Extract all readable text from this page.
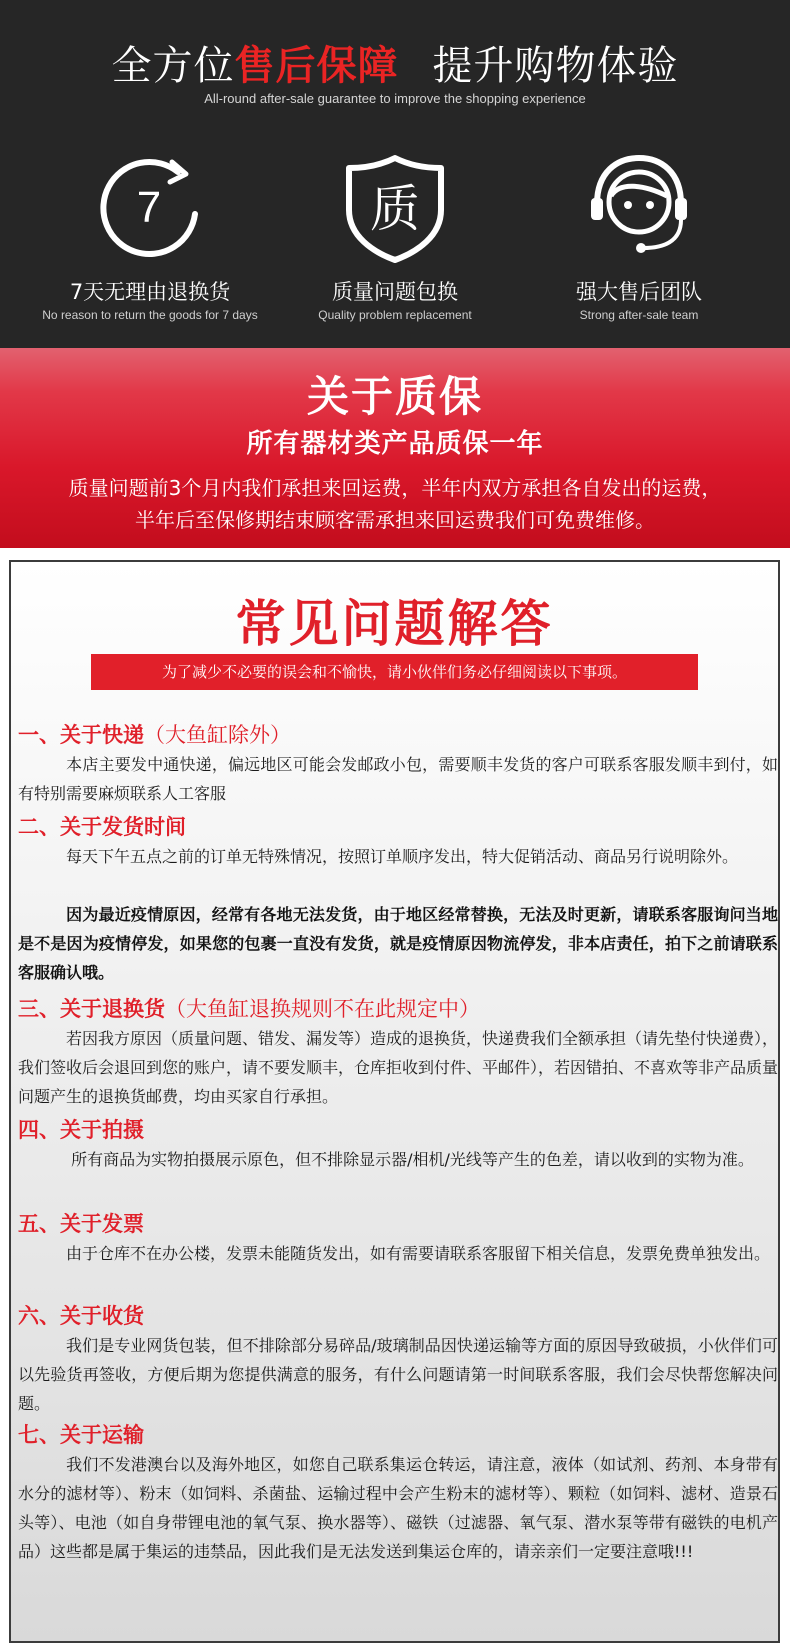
全方位售后保障 提升购物体验
All-round after-sale guarantee to improve the shopping experience
7
7天无理由退换货
No reason to return the goods for 7 days
质
质量问题包换
Quality problem replacement
强大售后团队
Strong after-sale team
关于质保
所有器材类产品质保一年
质量问题前3个月内我们承担来回运费，半年内双方承担各自发出的运费，
半年后至保修期结束顾客需承担来回运费我们可免费维修。
常见问题解答
为了减少不必要的误会和不愉快，请小伙伴们务必仔细阅读以下事项。
一、关于快递（大鱼缸除外）
本店主要发中通快递，偏远地区可能会发邮政小包，需要顺丰发货的客户可联系客服发顺丰到付，如有特别需要麻烦联系人工客服
二、关于发货时间
每天下午五点之前的订单无特殊情况，按照订单顺序发出，特大促销活动、商品另行说明除外。
因为最近疫情原因，经常有各地无法发货，由于地区经常替换，无法及时更新，请联系客服询问当地是不是因为疫情停发，如果您的包裹一直没有发货，就是疫情原因物流停发，非本店责任，拍下之前请联系客服确认哦。
三、关于退换货（大鱼缸退换规则不在此规定中）
若因我方原因（质量问题、错发、漏发等）造成的退换货，快递费我们全额承担（请先垫付快递费），我们签收后会退回到您的账户，请不要发顺丰，仓库拒收到付件、平邮件），若因错拍、不喜欢等非产品质量问题产生的退换货邮费，均由买家自行承担。
四、关于拍摄
所有商品为实物拍摄展示原色，但不排除显示器/相机/光线等产生的色差，请以收到的实物为准。
五、关于发票
由于仓库不在办公楼，发票未能随货发出，如有需要请联系客服留下相关信息，发票免费单独发出。
六、关于收货
我们是专业网货包装，但不排除部分易碎品/玻璃制品因快递运输等方面的原因导致破损，小伙伴们可以先验货再签收，方便后期为您提供满意的服务，有什么问题请第一时间联系客服，我们会尽快帮您解决问题。
七、关于运输
我们不发港澳台以及海外地区，如您自己联系集运仓转运，请注意，液体（如试剂、药剂、本身带有水分的滤材等）、粉末（如饲料、杀菌盐、运输过程中会产生粉末的滤材等）、颗粒（如饲料、滤材、造景石头等）、电池（如自身带锂电池的氧气泵、换水器等）、磁铁（过滤器、氧气泵、潜水泵等带有磁铁的电机产品）这些都是属于集运的违禁品，因此我们是无法发送到集运仓库的，请亲亲们一定要注意哦!!!
